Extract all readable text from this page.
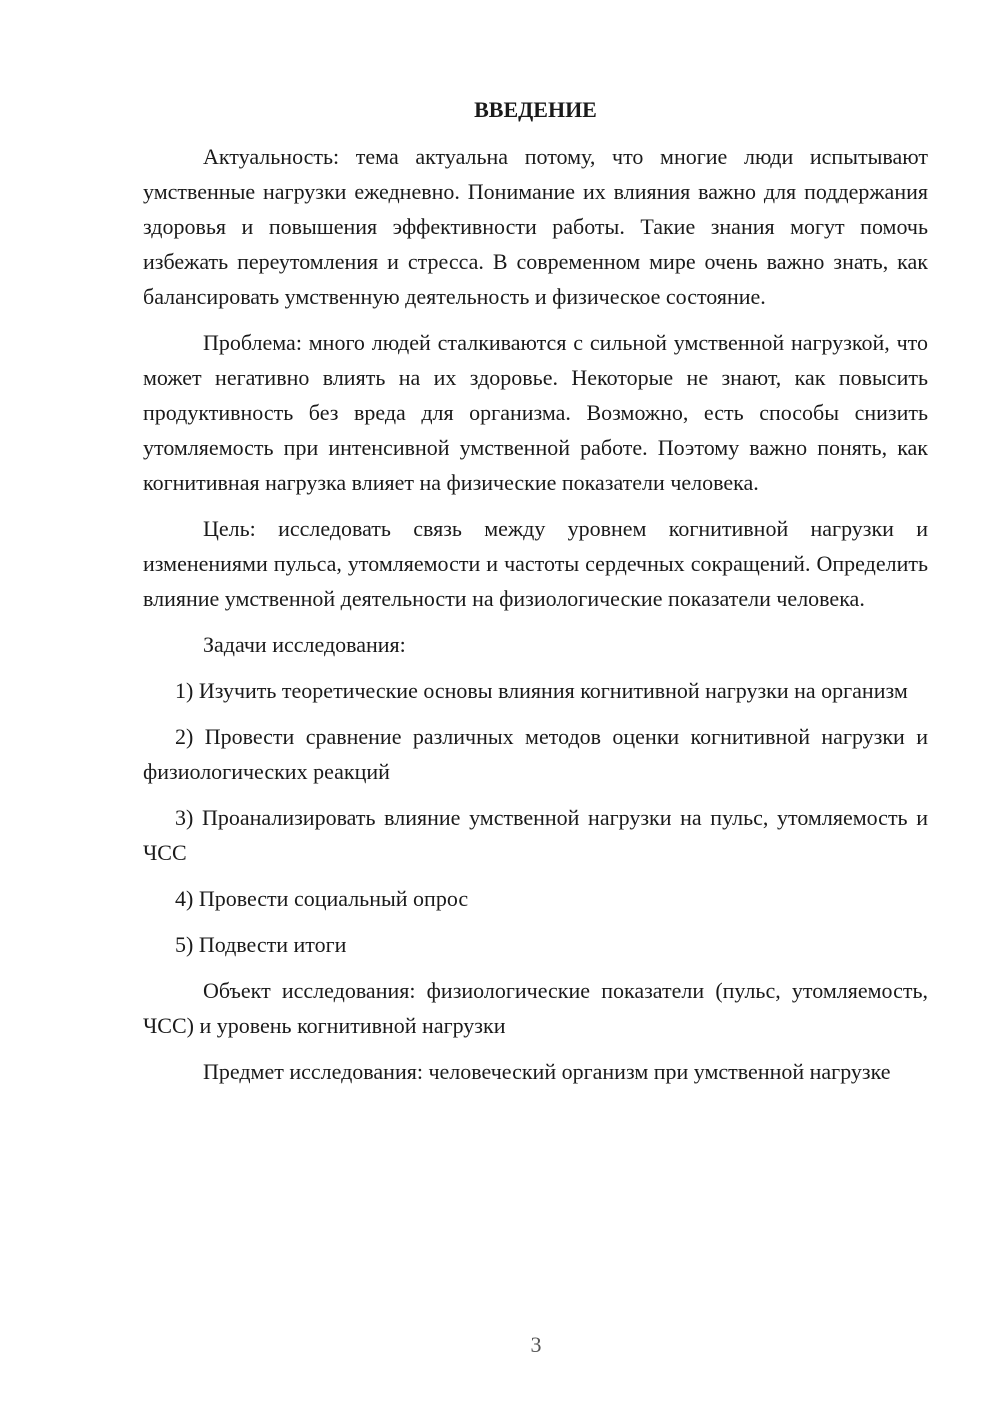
ВВЕДЕНИЕ

Актуальность: тема актуальна потому, что многие люди испытывают умственные нагрузки ежедневно. Понимание их влияния важно для поддержания здоровья и повышения эффективности работы. Такие знания могут помочь избежать переутомления и стресса. В современном мире очень важно знать, как балансировать умственную деятельность и физическое состояние.

Проблема: много людей сталкиваются с сильной умственной нагрузкой, что может негативно влиять на их здоровье. Некоторые не знают, как повысить продуктивность без вреда для организма. Возможно, есть способы снизить утомляемость при интенсивной умственной работе. Поэтому важно понять, как когнитивная нагрузка влияет на физические показатели человека.

Цель: исследовать связь между уровнем когнитивной нагрузки и изменениями пульса, утомляемости и частоты сердечных сокращений. Определить влияние умственной деятельности на физиологические показатели человека.

Задачи исследования:

1) Изучить теоретические основы влияния когнитивной нагрузки на организм

2) Провести сравнение различных методов оценки когнитивной нагрузки и физиологических реакций

3) Проанализировать влияние умственной нагрузки на пульс, утомляемость и ЧСС

4) Провести социальный опрос

5) Подвести итоги

Объект исследования: физиологические показатели (пульс, утомляемость, ЧСС) и уровень когнитивной нагрузки

Предмет исследования: человеческий организм при умственной нагрузке

3
